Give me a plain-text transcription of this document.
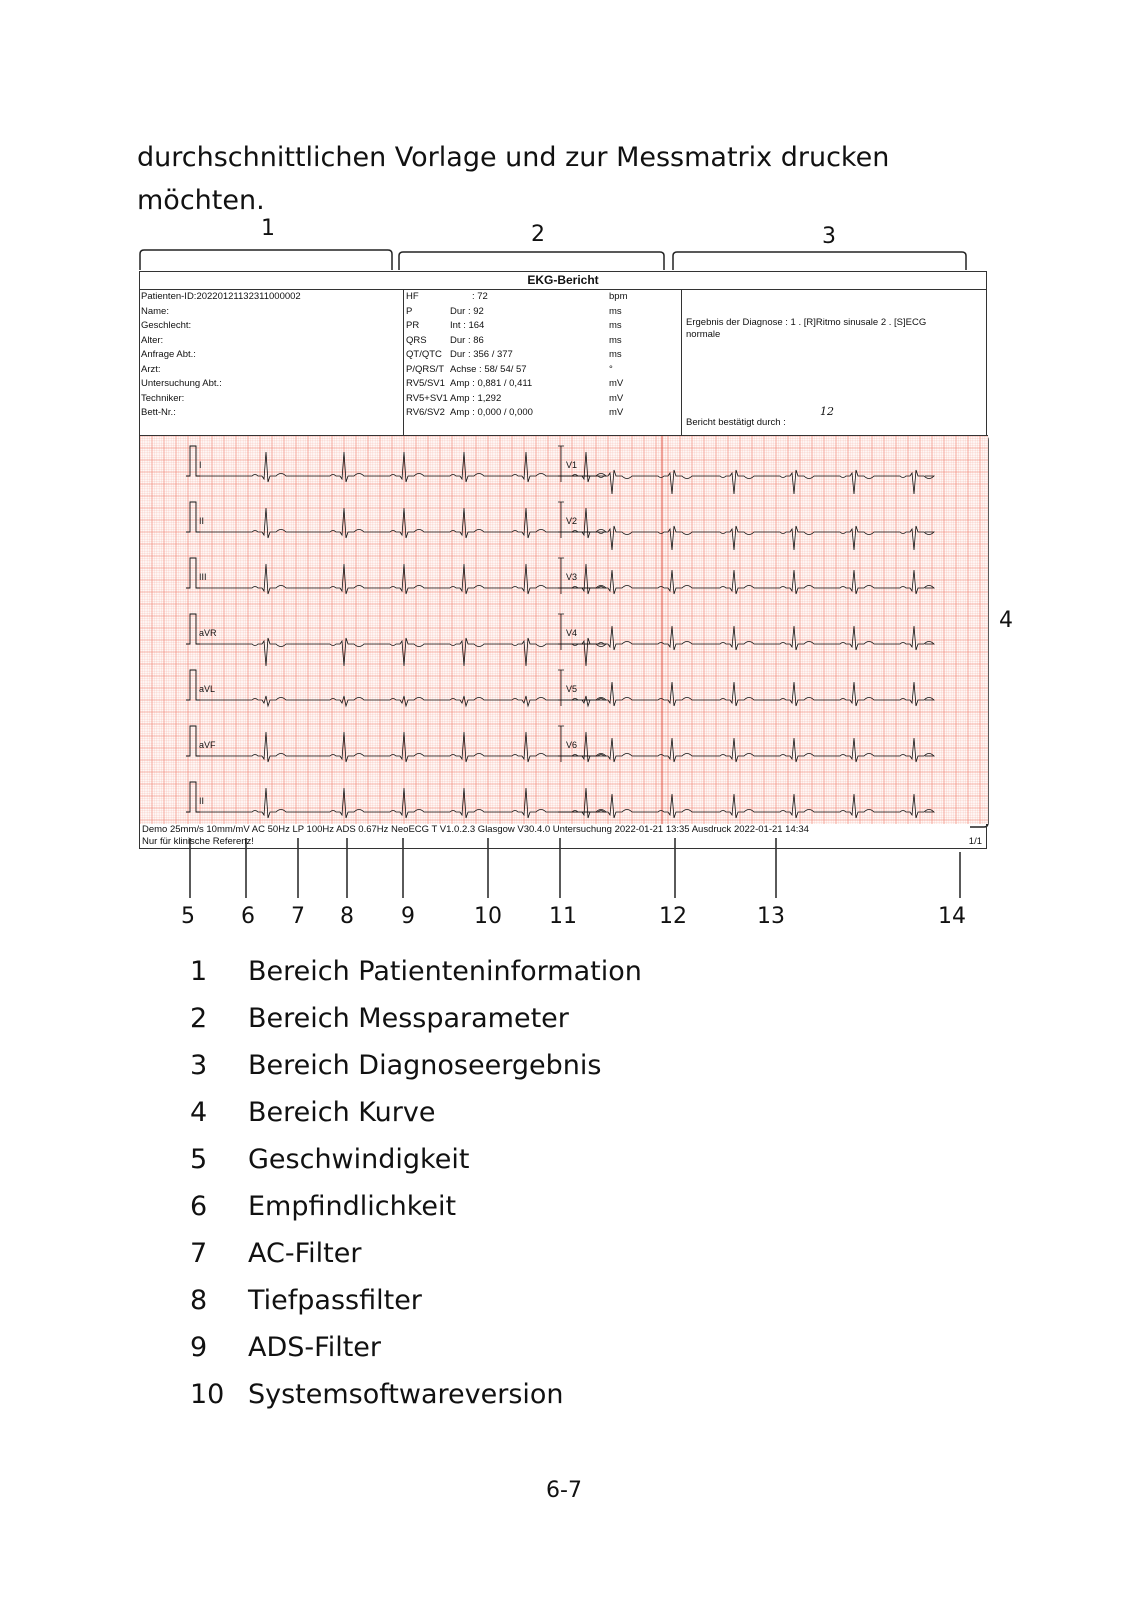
durchschnittlichen Vorlage und zur Messmatrix drucken
möchten.

1	2	3
4
5 6 7 8 9	10 11	12	13	14
EKG-Bericht
Patienten-ID:20220121132311000002
Name:
Geschlecht:
Alter:
Anfrage Abt.:
Arzt:
Untersuchung Abt.:
Techniker:
Bett-Nr.:
HF	: 72	bpm
P	Dur : 92	ms
PR	Int : 164	ms
QRS Dur : 86	ms
QT/QTC Dur : 356 / 377	ms
P/QRS/T Achse : 58/ 54/ 57	°
RV5/SV1 Amp : 0,881 / 0,411	mV
RV5+SV1 Amp : 1,292	mV
RV6/SV2 Amp : 0,000 / 0,000	mV
Ergebnis der Diagnose : 1 . [R]Ritmo sinusale 2 . [S]ECG
normale
Bericht bestätigt durch :
12
I	V1
II	V2
III	V3
aVR	V4
aVL	V5
aVF	V6
II
Demo 25mm/s 10mm/mV AC 50Hz LP 100Hz ADS 0.67Hz NeoECG T V1.0.2.3 Glasgow V30.4.0 Untersuchung 2022-01-21 13:35 Ausdruck 2022-01-21 14:34
Nur für klinische Referenz!	1/1
1	Bereich Patienteninformation
2	Bereich Messparameter
3	Bereich Diagnoseergebnis
4	Bereich Kurve
5	Geschwindigkeit
6	Empfindlichkeit
7	AC-Filter
8	Tiefpassfilter
9	ADS-Filter
10 Systemsoftwareversion
6-7
